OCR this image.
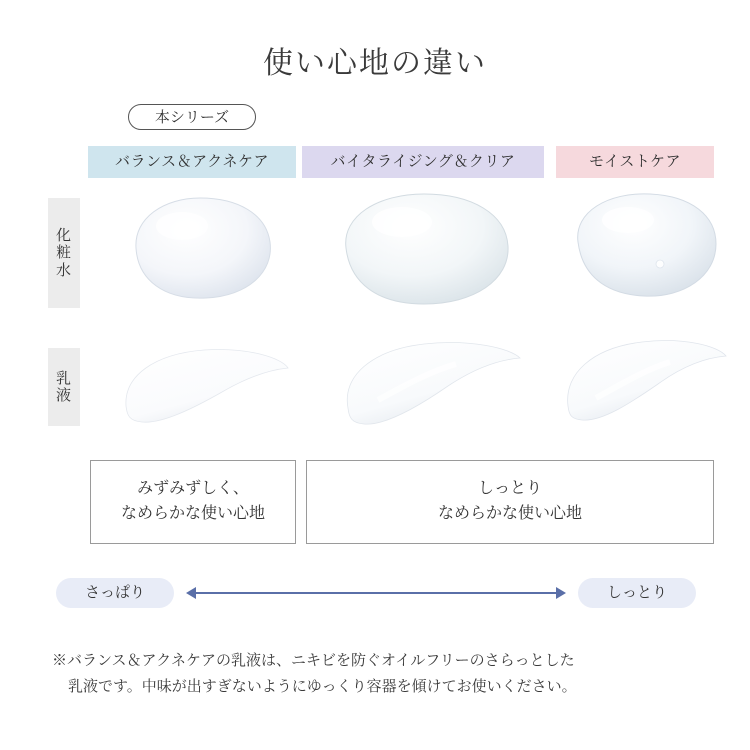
使い心地の違い
本シリーズ
バランス＆アクネケア	バイタライジング＆クリア	モイストケア
化
粧
水
乳
液
みずみずしく、
なめらかな使い心地
しっとり
なめらかな使い心地
さっぱり	しっとり
※バランス＆アクネケアの乳液は、ニキビを防ぐオイルフリーのさらっとした
乳液です。中味が出すぎないようにゆっくり容器を傾けてお使いください。
